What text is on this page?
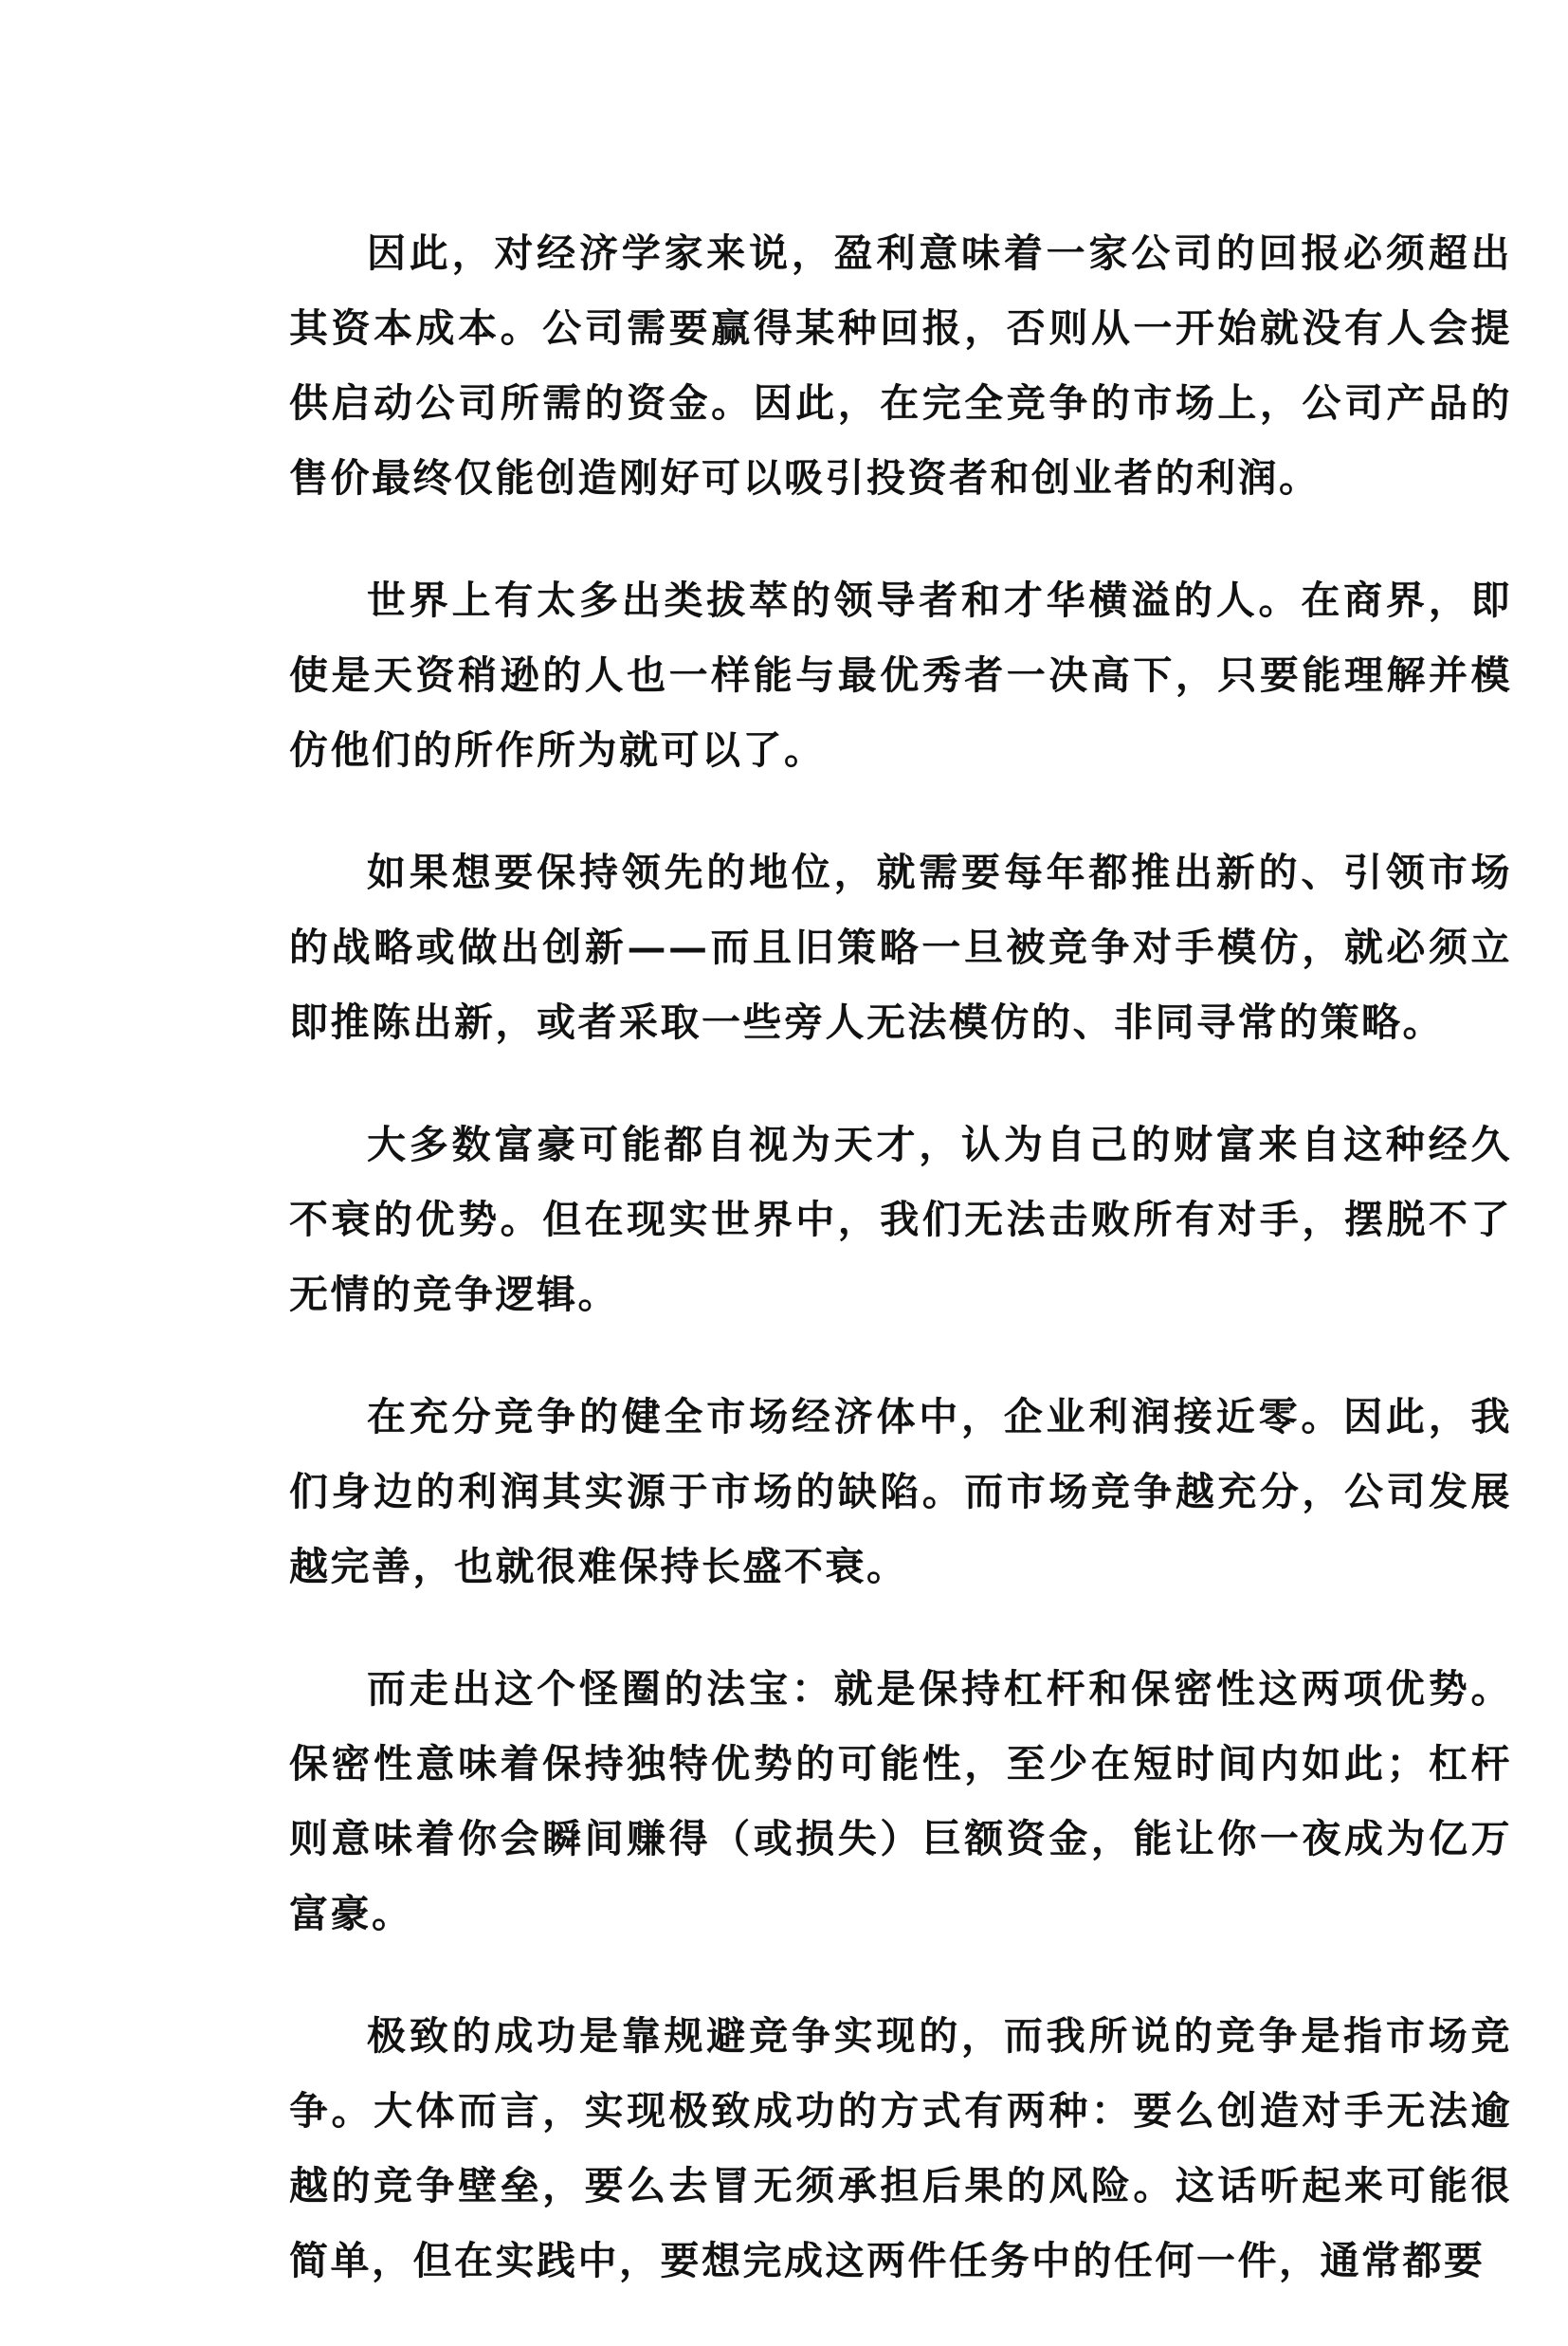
因此，对经济学家来说，盈利意味着一家公司的回报必须超出其资本成本。公司需要赢得某种回报，否则从一开始就没有人会提供启动公司所需的资金。因此，在完全竞争的市场上，公司产品的售价最终仅能创造刚好可以吸引投资者和创业者的利润。

世界上有太多出类拔萃的领导者和才华横溢的人。在商界，即使是天资稍逊的人也一样能与最优秀者一决高下，只要能理解并模仿他们的所作所为就可以了。

如果想要保持领先的地位，就需要每年都推出新的、引领市场的战略或做出创新——而且旧策略一旦被竞争对手模仿，就必须立即推陈出新，或者采取一些旁人无法模仿的、非同寻常的策略。

大多数富豪可能都自视为天才，认为自己的财富来自这种经久不衰的优势。但在现实世界中，我们无法击败所有对手，摆脱不了无情的竞争逻辑。

在充分竞争的健全市场经济体中，企业利润接近零。因此，我们身边的利润其实源于市场的缺陷。而市场竞争越充分，公司发展越完善，也就很难保持长盛不衰。

而走出这个怪圈的法宝：就是保持杠杆和保密性这两项优势。保密性意味着保持独特优势的可能性，至少在短时间内如此；杠杆则意味着你会瞬间赚得（或损失）巨额资金，能让你一夜成为亿万富豪。

极致的成功是靠规避竞争实现的，而我所说的竞争是指市场竞争。大体而言，实现极致成功的方式有两种：要么创造对手无法逾越的竞争壁垒，要么去冒无须承担后果的风险。这话听起来可能很简单，但在实践中，要想完成这两件任务中的任何一件，通常都要
